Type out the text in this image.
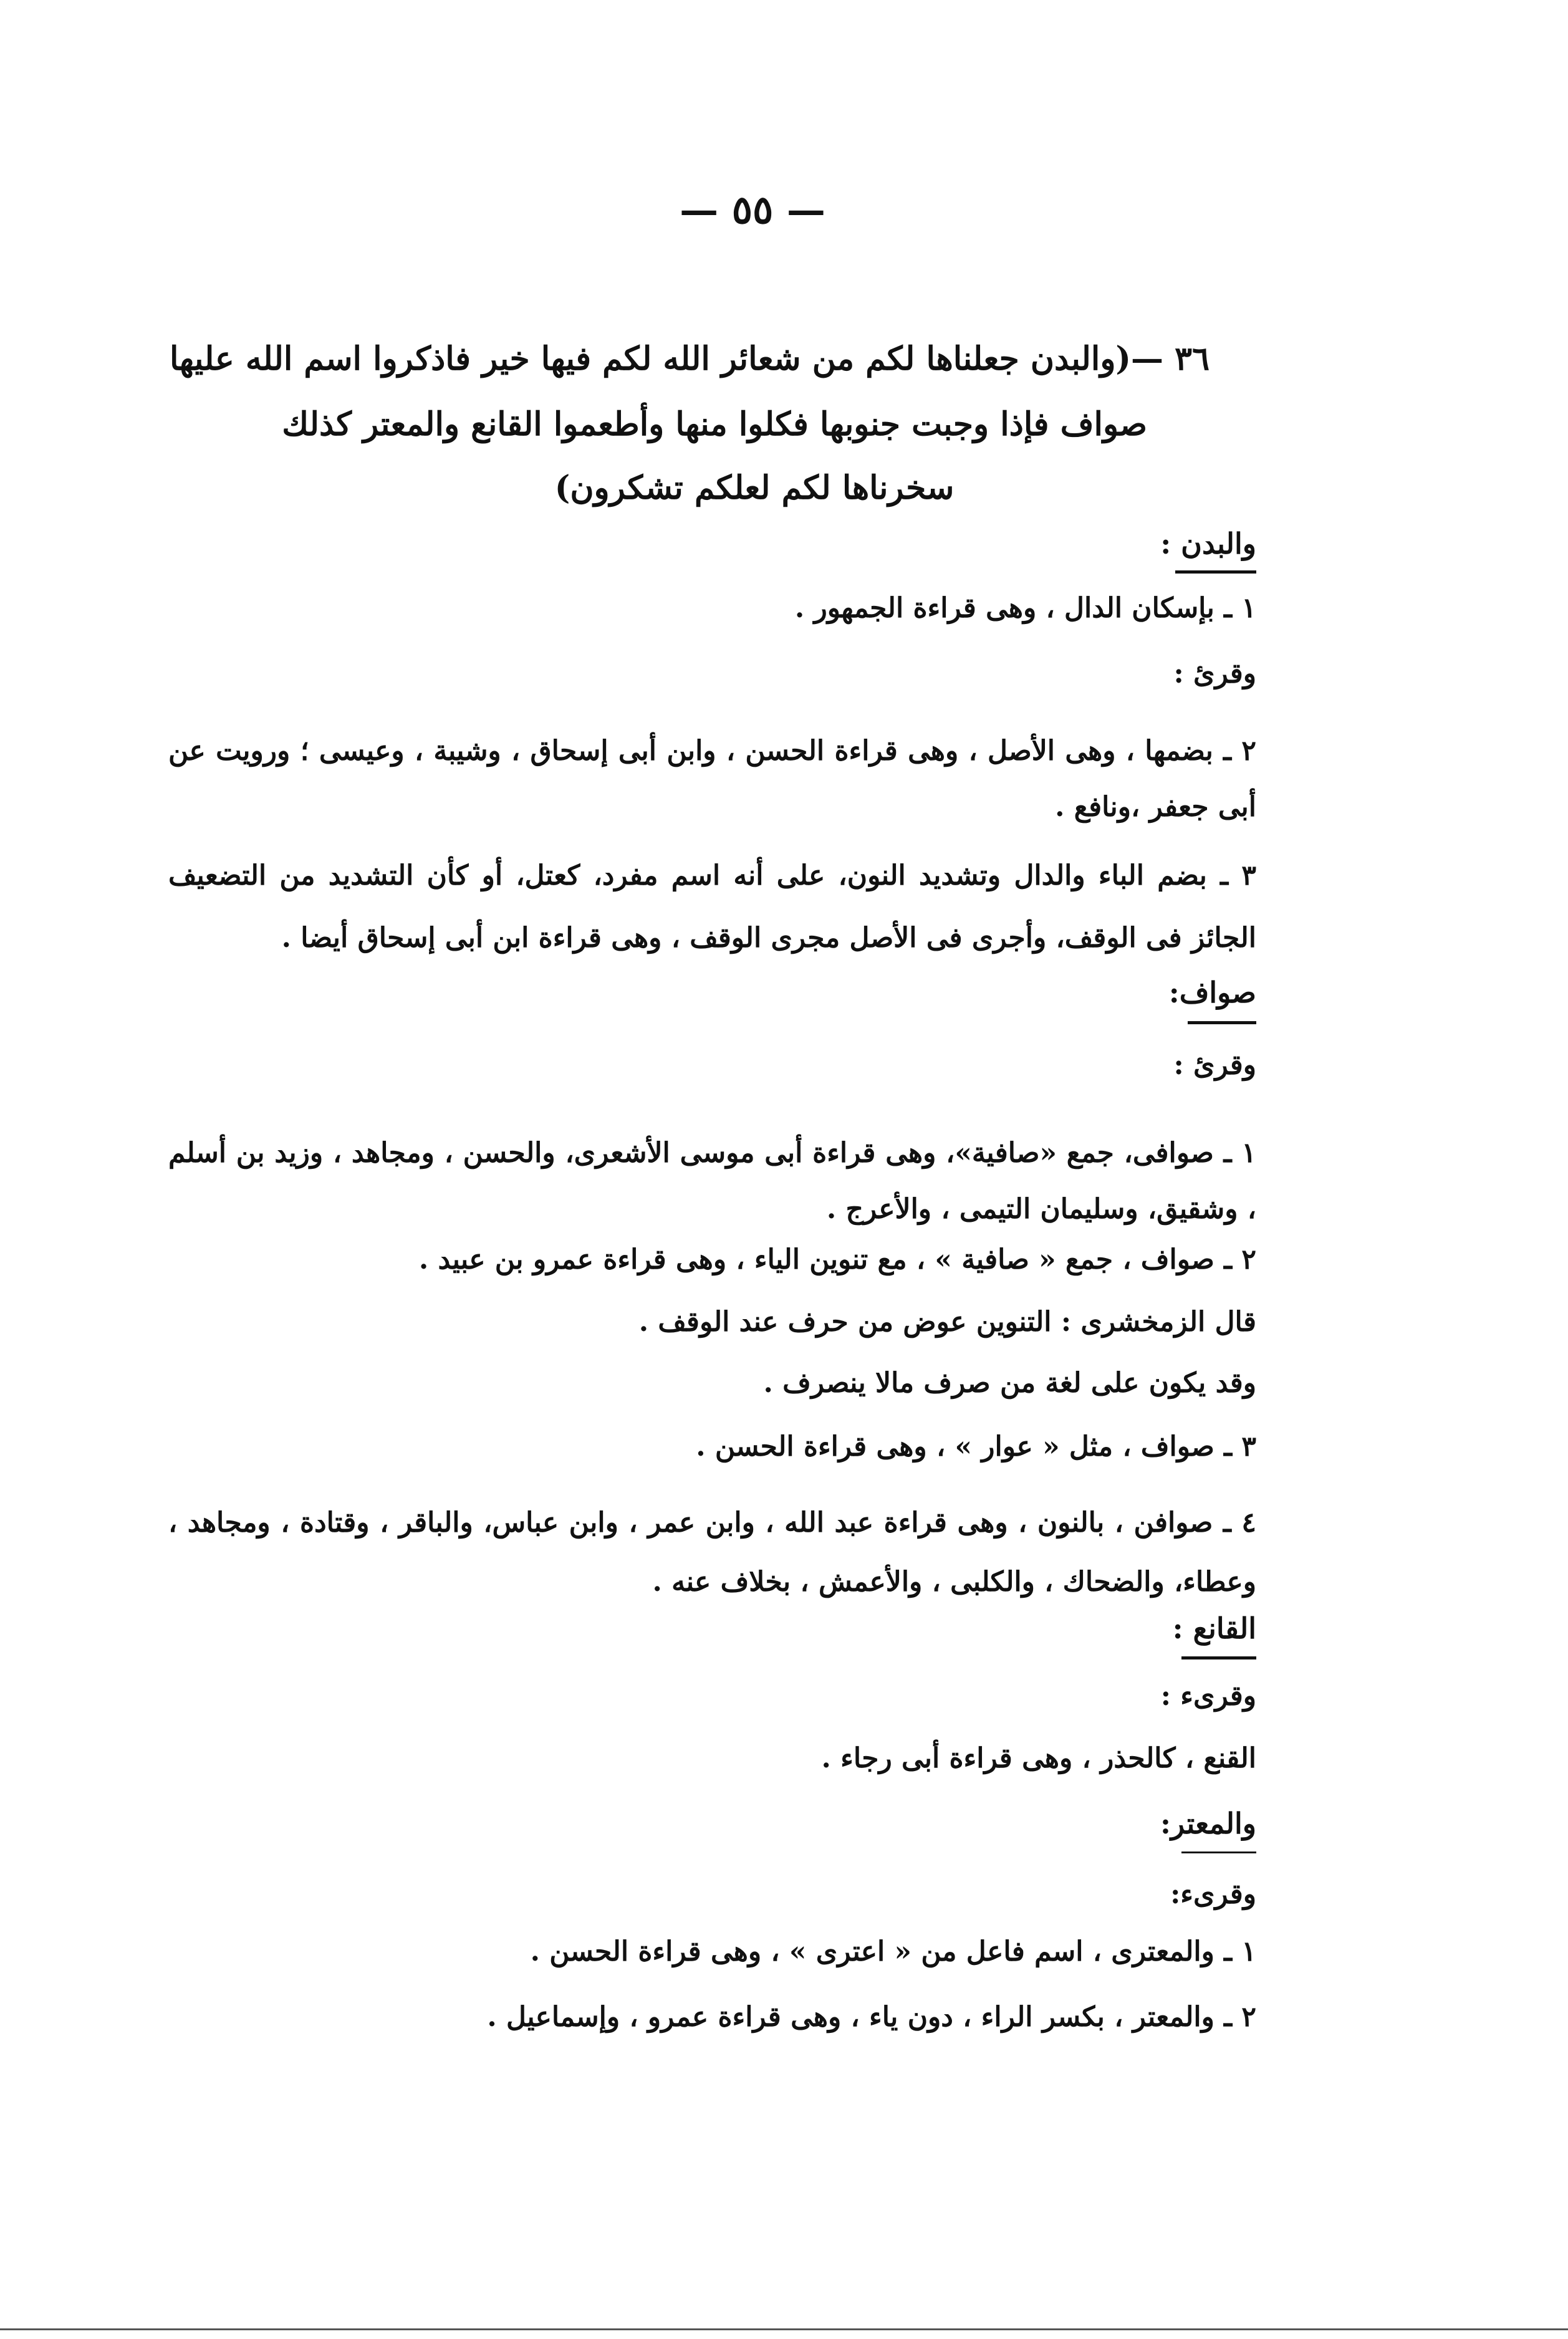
— ٥٥ —
٣٦ —(والبدن جعلناها لكم من شعائر الله لكم فيها خير فاذكروا اسم الله عليها
صواف فإذا وجبت جنوبها فكلوا منها وأطعموا القانع والمعتر كذلك
سخرناها لكم لعلكم تشكرون)
والبدن :
١ ـ بإسكان الدال ، وهى قراءة الجمهور .
وقرئ :
٢ ـ بضمها ، وهى الأصل ، وهى قراءة الحسن ، وابن أبى إسحاق ، وشيبة ، وعيسى ؛ ورويت عن أبى جعفر ،ونافع .
٣ ـ بضم الباء والدال وتشديد النون، على أنه اسم مفرد، كعتل، أو كأن التشديد من التضعيف الجائز فى الوقف، وأجرى فى الأصل مجرى الوقف ، وهى قراءة ابن أبى إسحاق أيضا .
صواف:
وقرئ :
١ ـ صوافى، جمع «صافية»، وهى قراءة أبى موسى الأشعرى، والحسن ، ومجاهد ، وزيد بن أسلم ، وشقيق، وسليمان التيمى ، والأعرج .
٢ ـ صواف ، جمع « صافية » ، مع تنوين الياء ، وهى قراءة عمرو بن عبيد .
قال الزمخشرى : التنوين عوض من حرف عند الوقف .
وقد يكون على لغة من صرف مالا ينصرف .
٣ ـ صواف ، مثل « عوار » ، وهى قراءة الحسن .
٤ ـ صوافن ، بالنون ، وهى قراءة عبد الله ، وابن عمر ، وابن عباس، والباقر ، وقتادة ، ومجاهد ، وعطاء، والضحاك ، والكلبى ، والأعمش ، بخلاف عنه .
القانع :
وقرىء :
القنع ، كالحذر ، وهى قراءة أبى رجاء .
والمعتر:
وقرىء:
١ ـ والمعترى ، اسم فاعل من « اعترى » ، وهى قراءة الحسن .
٢ ـ والمعتر ، بكسر الراء ، دون ياء ، وهى قراءة عمرو ، وإسماعيل .
